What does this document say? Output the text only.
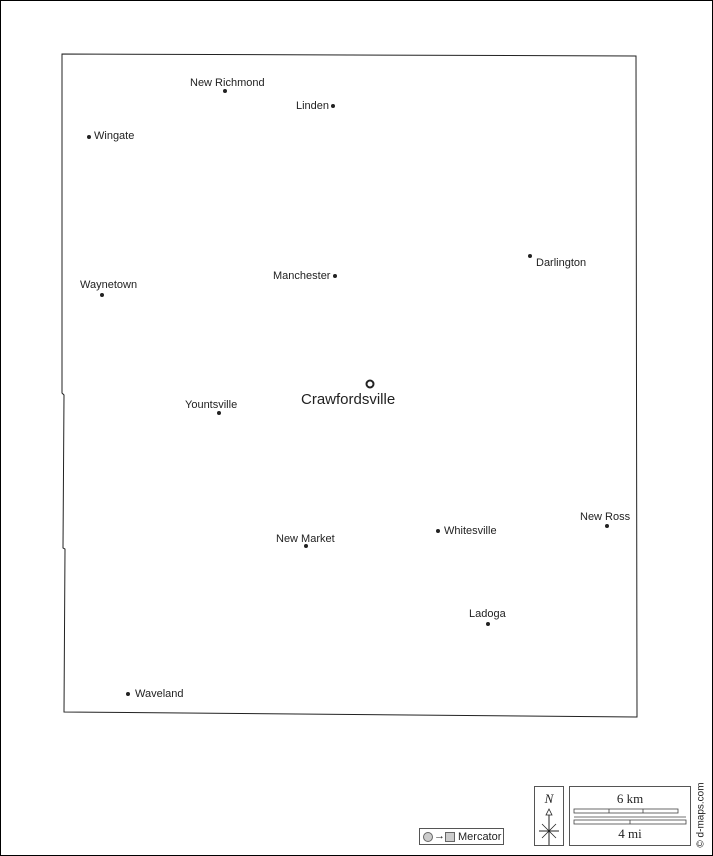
New Richmond
Linden
Wingate
Darlington
Manchester
Waynetown
Crawfordsville
Yountsville
Whitesville
New Ross
New Market
Ladoga
Waveland
→ Mercator
N	6 km
4 mi	© d-maps.com
